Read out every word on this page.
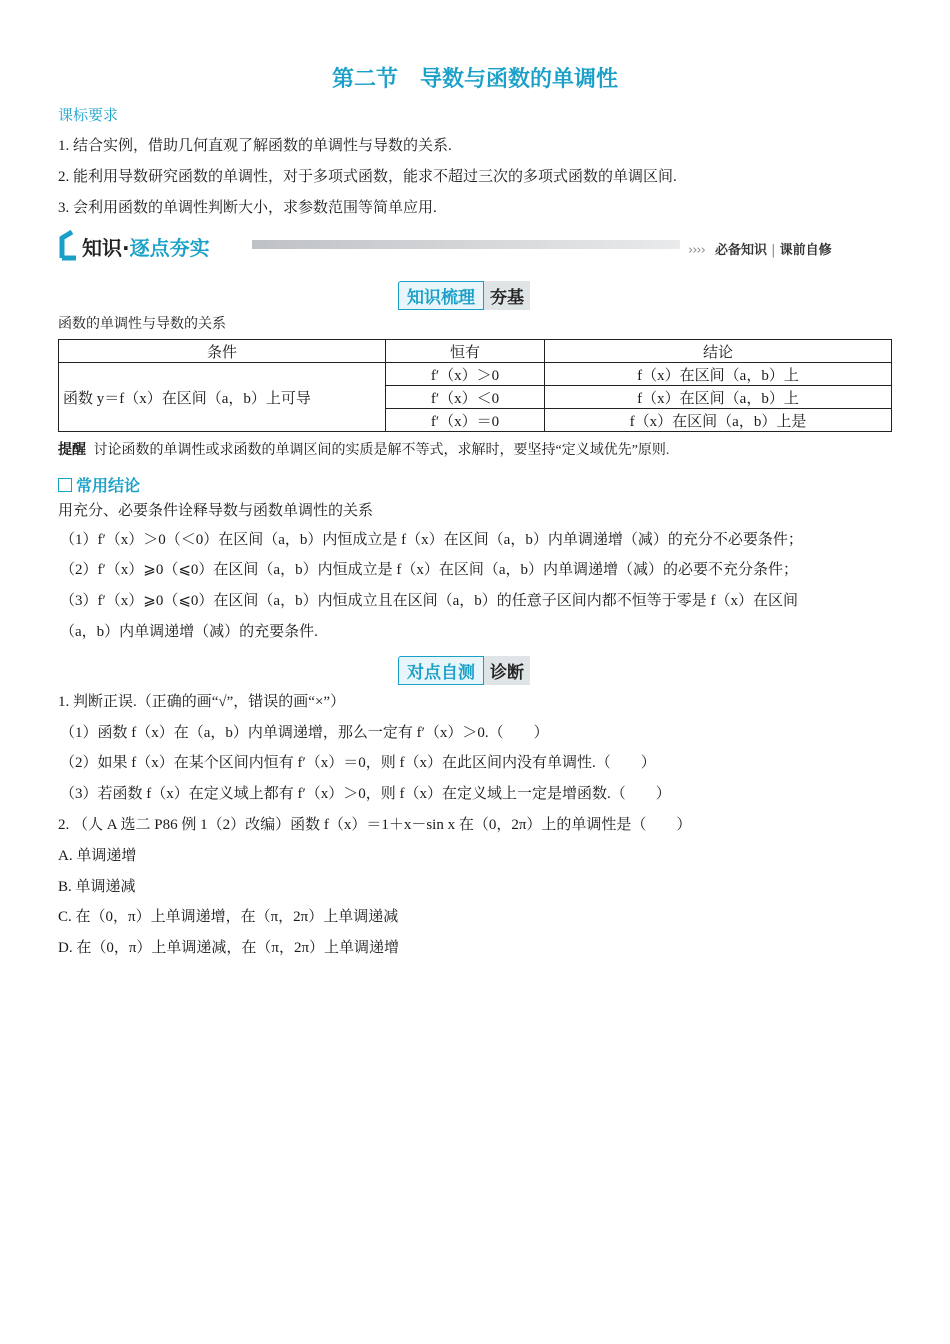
第二节　导数与函数的单调性
课标要求
1. 结合实例，借助几何直观了解函数的单调性与导数的关系.
2. 能利用导数研究函数的单调性，对于多项式函数，能求不超过三次的多项式函数的单调区间.
3. 会利用函数的单调性判断大小，求参数范围等简单应用.
知识·逐点夯实	›››› 必备知识 | 课前自修
知识梳理 夯基
函数的单调性与导数的关系
条件	恒有	结论
函数 y＝f（x）在区间（a，b）上可导	f′（x）＞0	f（x）在区间（a，b）上
	f′（x）＜0	f（x）在区间（a，b）上
	f′（x）＝0	f（x）在区间（a，b）上是
提醒 讨论函数的单调性或求函数的单调区间的实质是解不等式，求解时，要坚持“定义域优先”原则.
常用结论
用充分、必要条件诠释导数与函数单调性的关系
（1）f′（x）＞0（＜0）在区间（a，b）内恒成立是 f（x）在区间（a，b）内单调递增（减）的充分不必要条件；
（2）f′（x）⩾0（⩽0）在区间（a，b）内恒成立是 f（x）在区间（a，b）内单调递增（减）的必要不充分条件；
（3）f′（x）⩾0（⩽0）在区间（a，b）内恒成立且在区间（a，b）的任意子区间内都不恒等于零是 f（x）在区间
（a，b）内单调递增（减）的充要条件.
对点自测 诊断
1. 判断正误.（正确的画“√”，错误的画“×”）
（1）函数 f（x）在（a，b）内单调递增，那么一定有 f′（x）＞0.（　　）
（2）如果 f（x）在某个区间内恒有 f′（x）＝0，则 f（x）在此区间内没有单调性.（　　）
（3）若函数 f（x）在定义域上都有 f′（x）＞0，则 f（x）在定义域上一定是增函数.（　　）
2. （人 A 选二 P86 例 1（2）改编）函数 f（x）＝1＋x－sin x 在（0，2π）上的单调性是（　　）
A. 单调递增
B. 单调递减
C. 在（0，π）上单调递增，在（π，2π）上单调递减
D. 在（0，π）上单调递减，在（π，2π）上单调递增
